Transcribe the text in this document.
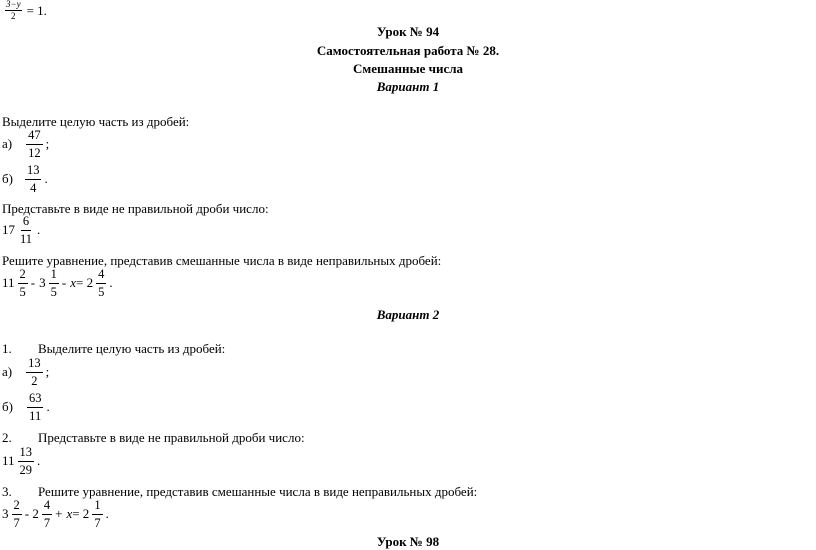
$\frac{3-y}{2} = 1$.
Урок № 94
Самостоятельная работа № 28.
Смешанные числа
Вариант 1
Выделите целую часть из дробей:
$а) \frac{47}{12}$ ;
$б) \frac{13}{4}$ .
Представьте в виде не правильной дроби число:
$17 \frac{6}{11}$ .
Решите уравнение, представив смешанные числа в виде неправильных дробей:
$11 \frac{2}{5} - 3 \frac{1}{5} - x = 2 \frac{4}{5}$ .
Вариант 2
1. Выделите целую часть из дробей:
$а) \frac{13}{2}$ ;
$б) \frac{63}{11}$ .
2. Представьте в виде не правильной дроби число:
$11 \frac{13}{29}$ .
3. Решите уравнение, представив смешанные числа в виде неправильных дробей:
$3 \frac{2}{7} - 2 \frac{4}{7} + x = 2 \frac{1}{7}$ .
Урок № 98
